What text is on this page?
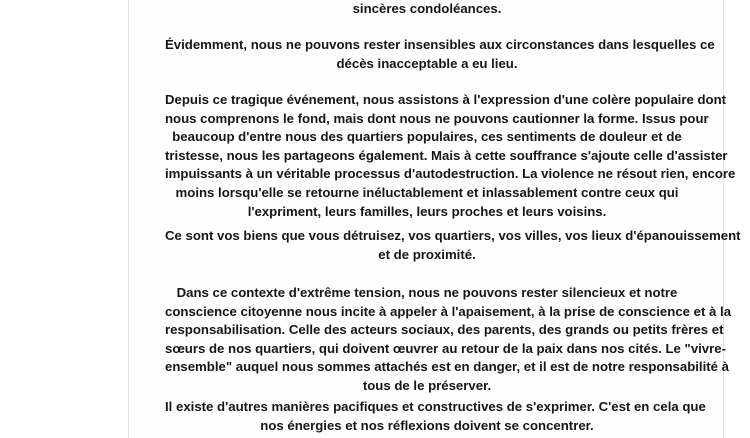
sincères condoléances.

Évidemment, nous ne pouvons rester insensibles aux circonstances dans lesquelles ce
décès inacceptable a eu lieu.

Depuis ce tragique événement, nous assistons à l'expression d'une colère populaire dont
nous comprenons le fond, mais dont nous ne pouvons cautionner la forme. Issus pour
beaucoup d'entre nous des quartiers populaires, ces sentiments de douleur et de
tristesse, nous les partageons également. Mais à cette souffrance s'ajoute celle d'assister
impuissants à un véritable processus d'autodestruction. La violence ne résout rien, encore
moins lorsqu'elle se retourne inéluctablement et inlassablement contre ceux qui
l'expriment, leurs familles, leurs proches et leurs voisins.

Ce sont vos biens que vous détruisez, vos quartiers, vos villes, vos lieux d'épanouissement
et de proximité.

Dans ce contexte d'extrême tension, nous ne pouvons rester silencieux et notre
conscience citoyenne nous incite à appeler à l'apaisement, à la prise de conscience et à la
responsabilisation. Celle des acteurs sociaux, des parents, des grands ou petits frères et
sœurs de nos quartiers, qui doivent œuvrer au retour de la paix dans nos cités. Le "vivre-
ensemble" auquel nous sommes attachés est en danger, et il est de notre responsabilité à
tous de le préserver.

Il existe d'autres manières pacifiques et constructives de s'exprimer. C'est en cela que
nos énergies et nos réflexions doivent se concentrer.
